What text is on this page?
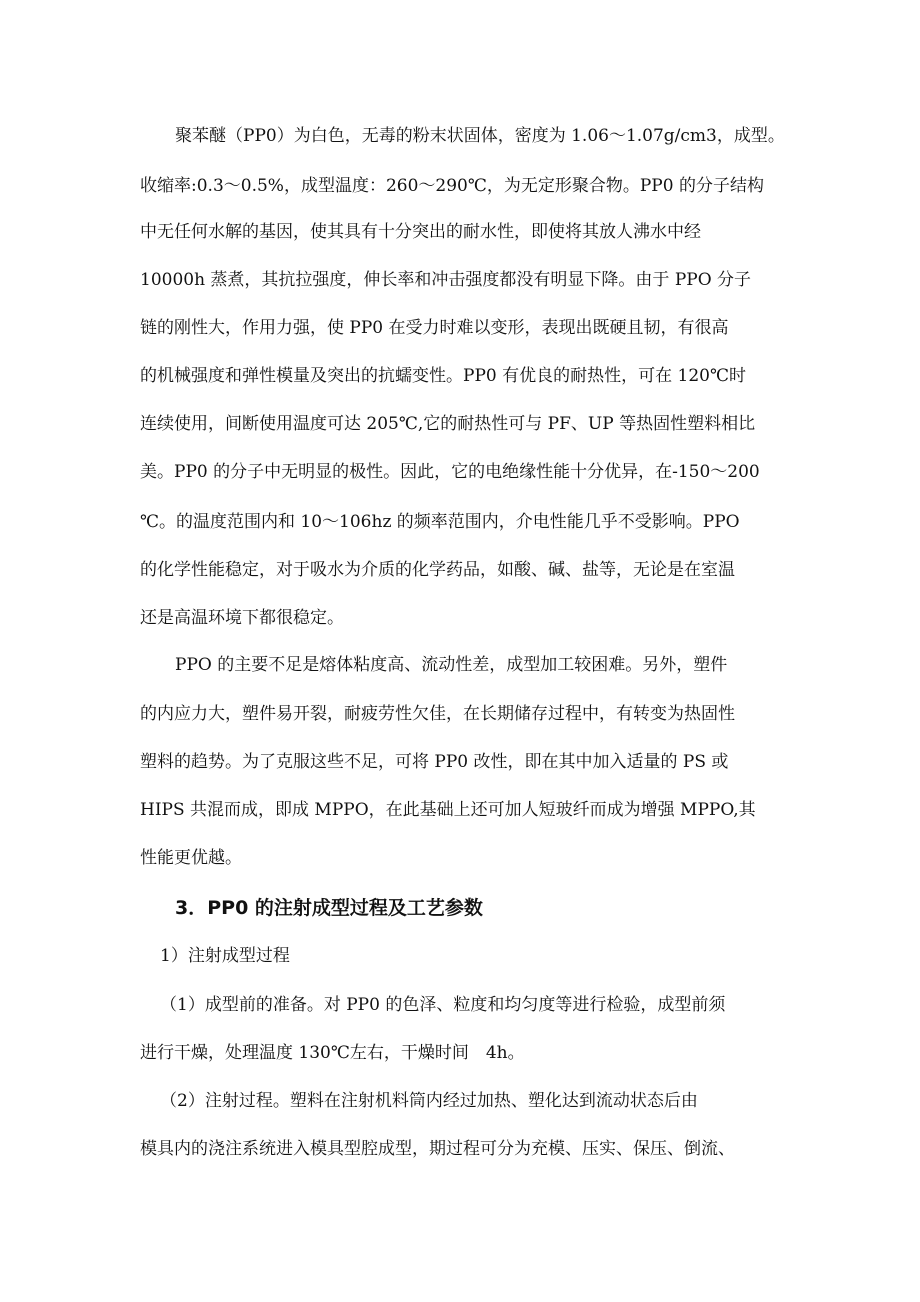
聚苯醚（PP0）为白色，无毒的粉末状固体，密度为 1.06～1.07g/cm3，成型。
收缩率:0.3～0.5%，成型温度：260～290℃，为无定形聚合物。PP0 的分子结构
中无任何水解的基因，使其具有十分突出的耐水性，即使将其放人沸水中经
10000h 蒸煮，其抗拉强度，伸长率和冲击强度都没有明显下降。由于 PPO 分子
链的刚性大，作用力强，使 PP0 在受力时难以变形，表现出既硬且韧，有很高
的机械强度和弹性模量及突出的抗蠕变性。PP0 有优良的耐热性，可在 120℃时
连续使用，间断使用温度可达 205℃,它的耐热性可与 PF、UP 等热固性塑料相比
美。PP0 的分子中无明显的极性。因此，它的电绝缘性能十分优异，在-150～200
℃。的温度范围内和 10～106hz 的频率范围内，介电性能几乎不受影响。PPO
的化学性能稳定，对于吸水为介质的化学药品，如酸、碱、盐等，无论是在室温
还是高温环境下都很稳定。
PPO 的主要不足是熔体粘度高、流动性差，成型加工较困难。另外，塑件
的内应力大，塑件易开裂，耐疲劳性欠佳，在长期储存过程中，有转变为热固性
塑料的趋势。为了克服这些不足，可将 PP0 改性，即在其中加入适量的 PS 或
HIPS 共混而成，即成 MPPO，在此基础上还可加人短玻纤而成为增强 MPPO,其
性能更优越。
3．PP0 的注射成型过程及工艺参数
1）注射成型过程
（1）成型前的准备。对 PP0 的色泽、粒度和均匀度等进行检验，成型前须
进行干燥，处理温度 130℃左右，干燥时间　4h。
（2）注射过程。塑料在注射机料筒内经过加热、塑化达到流动状态后由
模具内的浇注系统进入模具型腔成型，期过程可分为充模、压实、保压、倒流、
